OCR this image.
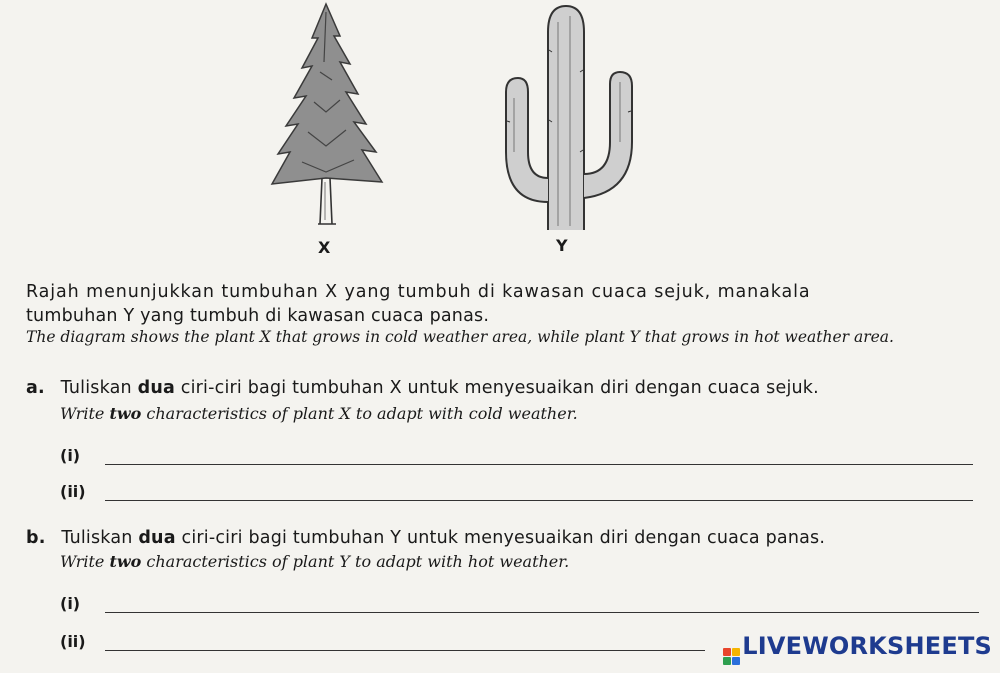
X	Y
Rajah menunjukkan tumbuhan X yang tumbuh di kawasan cuaca sejuk, manakala
tumbuhan Y yang tumbuh di kawasan cuaca panas.
The diagram shows the plant X that grows in cold weather area, while plant Y that grows in hot weather area.
a. Tuliskan dua ciri-ciri bagi tumbuhan X untuk menyesuaikan diri dengan cuaca sejuk.
Write two characteristics of plant X to adapt with cold weather.
(i)
(ii)
b. Tuliskan dua ciri-ciri bagi tumbuhan Y untuk menyesuaikan diri dengan cuaca panas.
Write two characteristics of plant Y to adapt with hot weather.
(i)
(ii)	LIVEWORKSHEETS
